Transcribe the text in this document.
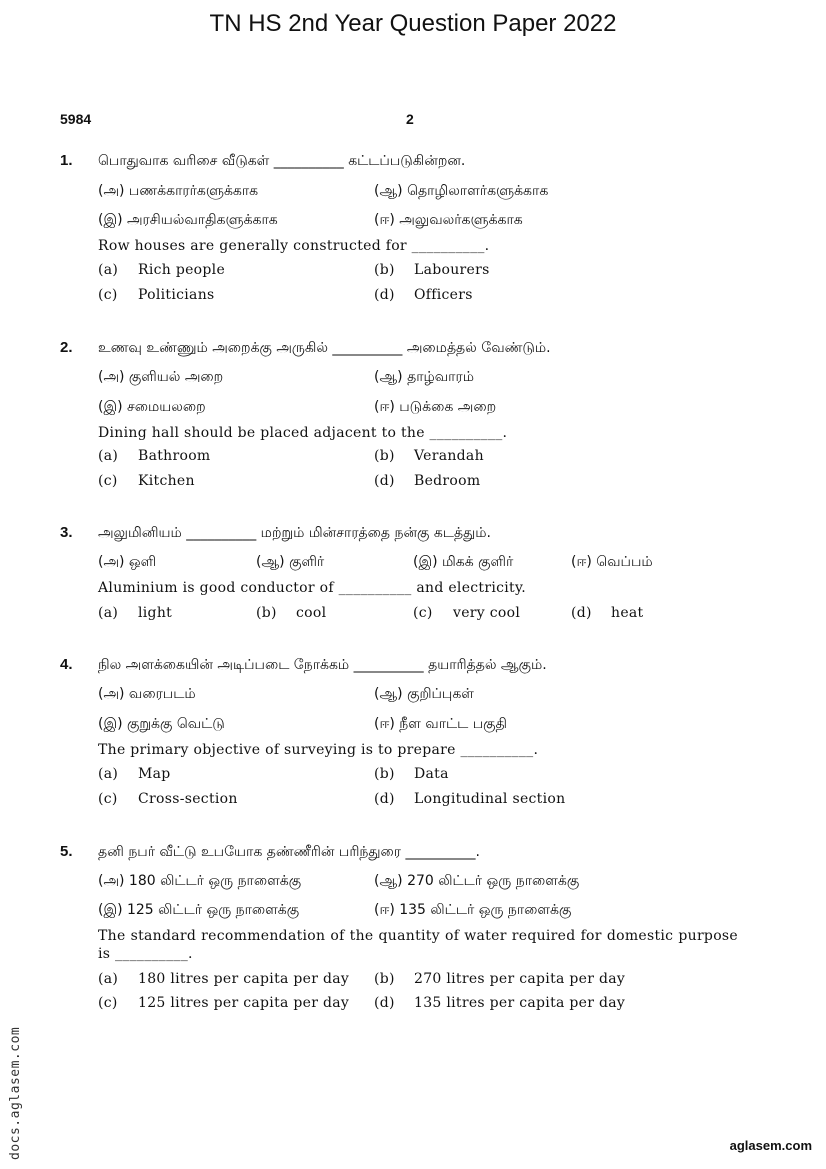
TN HS 2nd Year Question Paper 2022
5984	2
1. பொதுவாக வரிசை வீடுகள் __________ கட்டப்படுகின்றன.
(அ) பணக்காரர்களுக்காக	(ஆ) தொழிலாளர்களுக்காக
(இ) அரசியல்வாதிகளுக்காக	(ஈ) அலுவலர்களுக்காக
Row houses are generally constructed for __________.
(a) Rich people	(b) Labourers
(c) Politicians	(d) Officers
2. உணவு உண்ணும் அறைக்கு அருகில் __________ அமைத்தல் வேண்டும்.
(அ) குளியல் அறை	(ஆ) தாழ்வாரம்
(இ) சமையலறை	(ஈ) படுக்கை அறை
Dining hall should be placed adjacent to the __________.
(a) Bathroom	(b) Verandah
(c) Kitchen	(d) Bedroom
3. அலுமினியம் __________ மற்றும் மின்சாரத்தை நன்கு கடத்தும்.
(அ) ஒளி	(ஆ) குளிர்	(இ) மிகக் குளிர்	(ஈ) வெப்பம்
Aluminium is good conductor of __________ and electricity.
(a) light	(b) cool	(c) very cool	(d) heat
4. நில அளக்கையின் அடிப்படை நோக்கம் __________ தயாரித்தல் ஆகும்.
(அ) வரைபடம்	(ஆ) குறிப்புகள்
(இ) குறுக்கு வெட்டு	(ஈ) நீள வாட்ட பகுதி
The primary objective of surveying is to prepare __________.
(a) Map	(b) Data
(c) Cross-section	(d) Longitudinal section
5. தனி நபர் வீட்டு உபயோக தண்ணீரின் பரிந்துரை __________.
(அ) 180 லிட்டர் ஒரு நாளைக்கு	(ஆ) 270 லிட்டர் ஒரு நாளைக்கு
(இ) 125 லிட்டர் ஒரு நாளைக்கு	(ஈ) 135 லிட்டர் ஒரு நாளைக்கு
The standard recommendation of the quantity of water required for domestic purpose is __________.
(a) 180 litres per capita per day (b) 270 litres per capita per day
(c) 125 litres per capita per day (d) 135 litres per capita per day
docs.aglasem.com	aglasem.com
